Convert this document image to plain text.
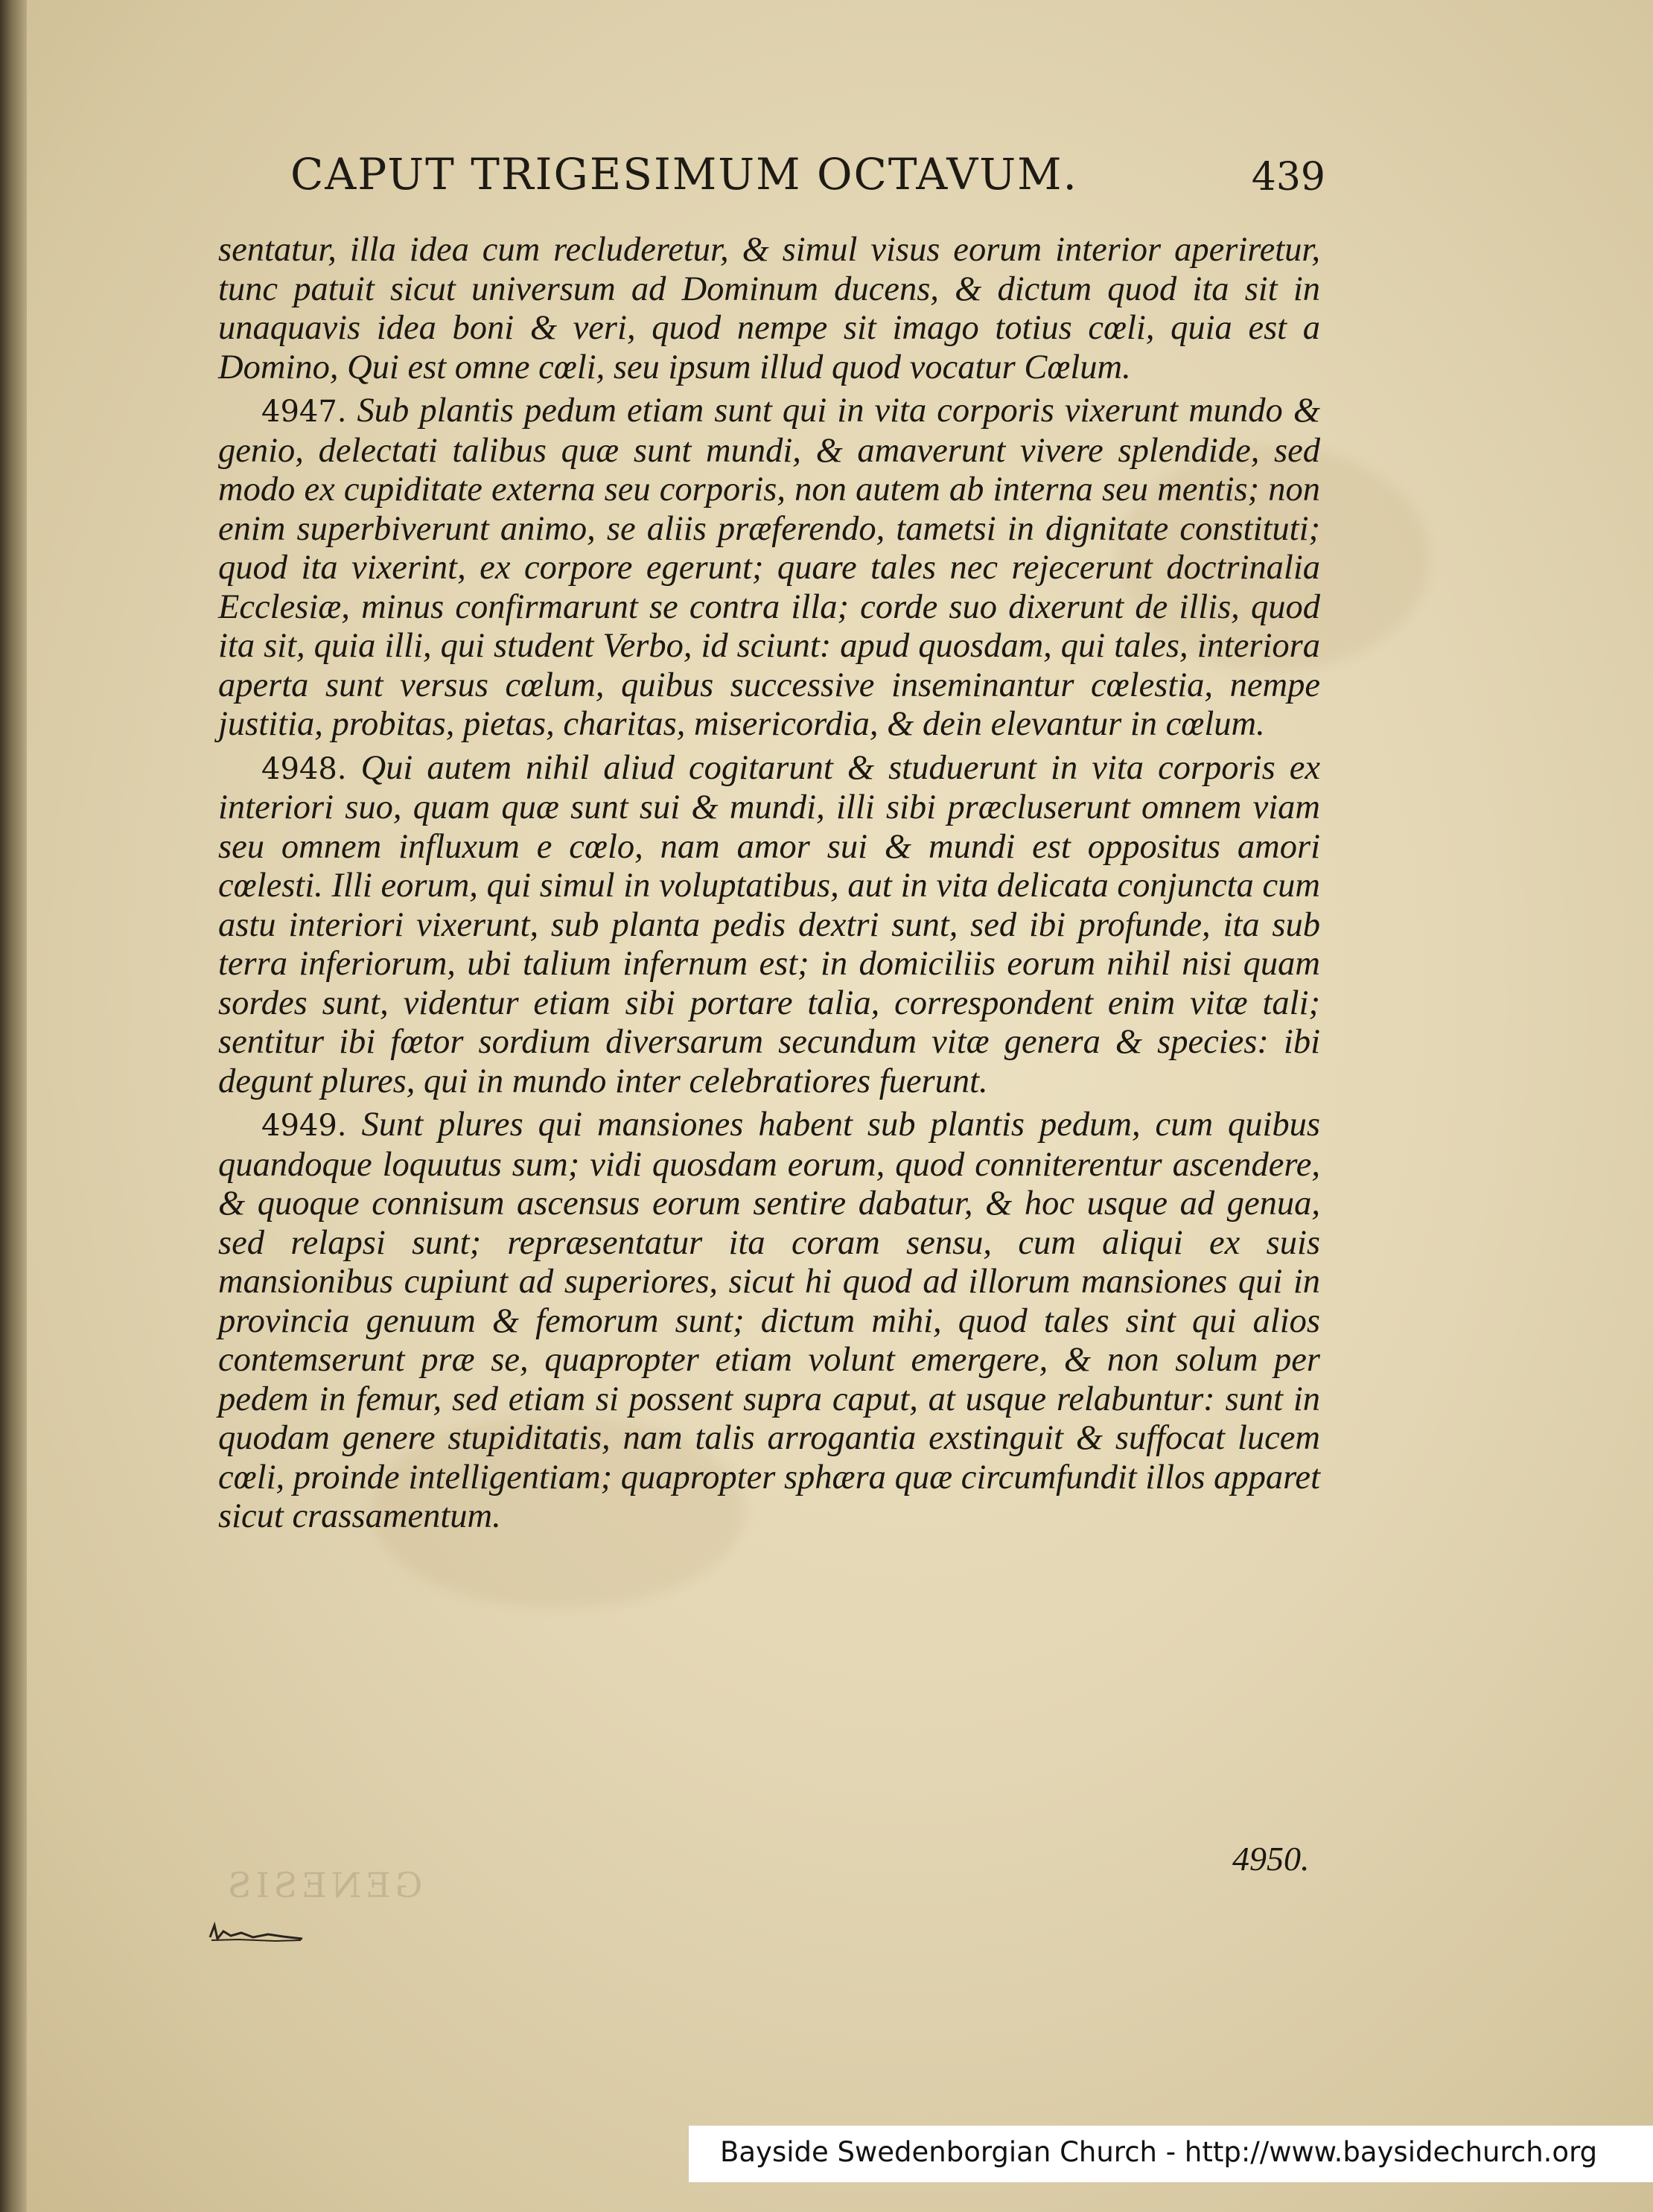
CAPUT TRIGESIMUM OCTAVUM.	439

sentatur, illa idea cum recluderetur, & simul visus eorum interior aperiretur, tunc patuit sicut universum ad Dominum ducens, & dictum quod ita sit in unaquavis idea boni & veri, quod nempe sit imago totius cœli, quia est a Domino, Qui est omne cœli, seu ipsum illud quod vocatur Cœlum.

4947. Sub plantis pedum etiam sunt qui in vita corporis vixerunt mundo & genio, delectati talibus quæ sunt mundi, & amaverunt vivere splendide, sed modo ex cupiditate externa seu corporis, non autem ab interna seu mentis; non enim superbiverunt animo, se aliis præferendo, tametsi in dignitate constituti; quod ita vixerint, ex corpore egerunt; quare tales nec rejecerunt doctrinalia Ecclesiæ, minus confirmarunt se contra illa; corde suo dixerunt de illis, quod ita sit, quia illi, qui student Verbo, id sciunt: apud quosdam, qui tales, interiora aperta sunt versus cœlum, quibus successive inseminantur cœlestia, nempe justitia, probitas, pietas, charitas, misericordia, & dein elevantur in cœlum.

4948. Qui autem nihil aliud cogitarunt & studuerunt in vita corporis ex interiori suo, quam quæ sunt sui & mundi, illi sibi præcluserunt omnem viam seu omnem influxum e cœlo, nam amor sui & mundi est oppositus amori cœlesti. Illi eorum, qui simul in voluptatibus, aut in vita delicata conjuncta cum astu interiori vixerunt, sub planta pedis dextri sunt, sed ibi profunde, ita sub terra inferiorum, ubi talium infernum est; in domiciliis eorum nihil nisi quam sordes sunt, videntur etiam sibi portare talia, correspondent enim vitæ tali; sentitur ibi fœtor sordium diversarum secundum vitæ genera & species: ibi degunt plures, qui in mundo inter celebratiores fuerunt.

4949. Sunt plures qui mansiones habent sub plantis pedum, cum quibus quandoque loquutus sum; vidi quosdam eorum, quod conniterentur ascendere, & quoque connisum ascensus eorum sentire dabatur, & hoc usque ad genua, sed relapsi sunt; repræsentatur ita coram sensu, cum aliqui ex suis mansionibus cupiunt ad superiores, sicut hi quod ad illorum mansiones qui in provincia genuum & femorum sunt; dictum mihi, quod tales sint qui alios contemserunt præ se, quapropter etiam volunt emergere, & non solum per pedem in femur, sed etiam si possent supra caput, at usque relabuntur: sunt in quodam genere stupiditatis, nam talis arrogantia exstinguit & suffocat lucem cœli, proinde intelligentiam; quapropter sphæra quæ circumfundit illos apparet sicut crassamentum.

4950.
GENESIS
Bayside Swedenborgian Church - http://www.baysidechurch.org
